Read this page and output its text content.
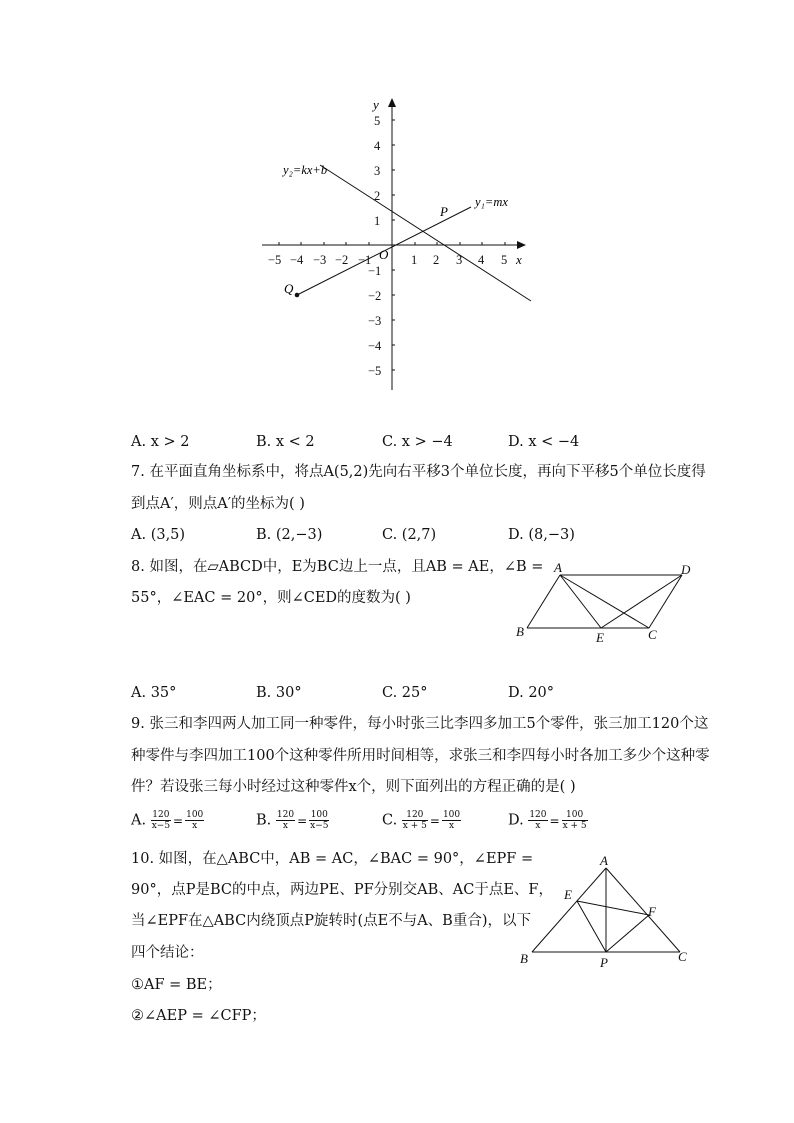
−5 −4 −3 −2 −1	1 2 3 4 5
5
4
3
2
1
−1
−2
−3
−4
−5
x
y
O
y₂=kx+b
y₁=mx
P
Q
A. x > 2	B. x < 2	C. x > −4	D. x < −4
7. 在平面直角坐标系中，将点A(5,2)先向右平移3个单位长度，再向下平移5个单位长度得
到点A′，则点A′的坐标为( )
A. (3,5)	B. (2,−3)	C. (2,7)	D. (8,−3)
8. 如图，在▱ABCD中，E为BC边上一点，且AB = AE，∠B =
55°，∠EAC = 20°，则∠CED的度数为( )
A	D
B	E	C
A. 35°	B. 30°	C. 25°	D. 20°
9. 张三和李四两人加工同一种零件，每小时张三比李四多加工5个零件，张三加工120个这
种零件与李四加工100个这种零件所用时间相等，求张三和李四每小时各加工多少个这种零
件？若设张三每小时经过这种零件x个，则下面列出的方程正确的是( )
A. $\frac{120}{x-5} = \frac{100}{x}$	B. $\frac{120}{x} = \frac{100}{x-5}$	C. $\frac{120}{x + 5} = \frac{100}{x}$	D. $\frac{120}{x} = \frac{100}{x + 5}$
10. 如图，在△ABC中，AB = AC，∠BAC = 90°，∠EPF =
90°，点P是BC的中点，两边PE、PF分别交AB、AC于点E、F，
当∠EPF在△ABC内绕顶点P旋转时(点E不与A、B重合)，以下
四个结论：
①AF = BE；
②∠AEP = ∠CFP；
A
E
F
B	P	C
